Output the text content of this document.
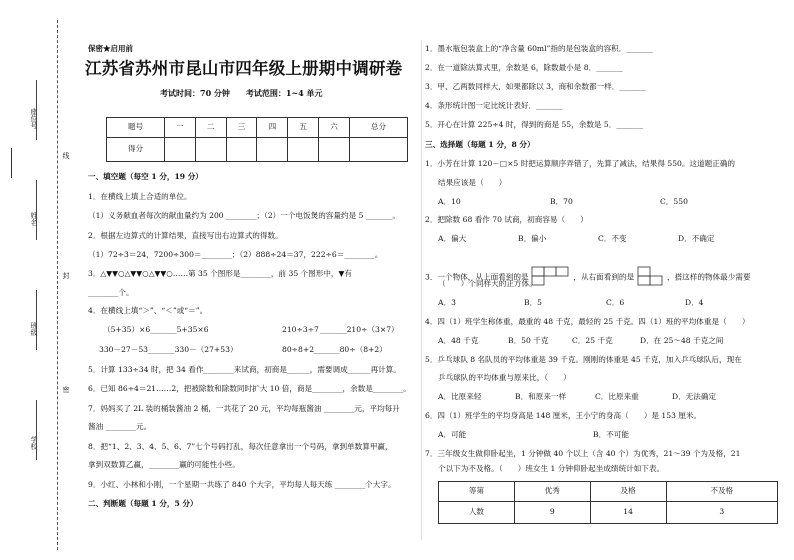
座位号
姓名
班级
学校
线
封
密
保密★启用前
江苏省苏州市昆山市四年级上册期中调研卷
考试时间：70 分钟　　考试范围：1~4 单元
题号	一	二	三	四	五	六	总分
得分							
一、填空题（每空 1 分，19 分）
1．在横线上填上合适的单位。
（1）义务献血者每次的献血量约为 200 ________；（2）一个电饭煲的容量约是 5 _______。
2．根据左边算式的计算结果，直接写出右边算式的得数。
（1）72÷3＝24，7200÷300＝________；（2）888÷24＝37，222÷6＝________。
3．△▼▼○△▼▼○△▼▼○……第 35 个图形是________，前 35 个图形中，▼有
________个。
4．在横线上填“＞”、“＜”或“＝”。
（5+35）×6 _______5+35×6	210÷3÷7 _______210÷（3×7）
330－27－53 _______330－（27+53）	80÷8+2
_______80÷（8+2）
5．计算 133÷34 时，把 34 看作________来试商，初商是______，需要调成______再计算。
6．已知 86÷4＝21……2，把被除数和除数同时扩大 10 倍，商是________，余数是________。
7．妈妈买了 2L 装的桶装酱油 2 桶，一共花了 20 元，平均每瓶酱油 ________元，平均每升
酱油 ________元。
8．把“1、2、3、4、5、6、7”七个号码打乱，每次任意拿出一个号码，拿到单数算甲赢，
拿到双数算乙赢，________赢的可能性小些。
9．小红、小林和小刚，一个星期一共练了 840 个大字，平均每人每天练 ________个大字。
二、判断题（每题 1 分，5 分）
1．墨水瓶包装盒上的“净含量 60ml”指的是包装盒的容积．_______
2．在一道除法算式里，余数是 6，除数最小是 8．_______
3．甲、乙两数同样大，如果都除以 3，商和余数都一样．_______
4．条形统计图一定比统计表好．_______
5．开心在计算 225÷4 时，得到的商是 55，余数是 5．_______
三、选择题（每题 1 分，8 分）
1．小芳在计算 120－□×5 时把运算顺序弄错了，先算了减法，结果得 550。这道题正确的
结果应该是（　　）
A．10	B．70	C．550
2．把除数 68 看作 70 试商，初商容易（　　）
A．偏大	B．偏小	C．不变	D．不确定
3．一个物体，从上面看到的是	，从右面看到的是	，搭这样的物体最少需要
（　　）个同样大的正方体。
A．3	B．5	C．6	D．4
4．四（1）班学生称体重，最重的 48 千克，最轻的 25 千克。四（1）班的平均体重是（　　）
A．48 千克	B．50 千克	C．25 千克	D．在 25～48 千克之间
5．乒乓球队 8 名队员的平均体重是 39 千克。刚刚的体重是 45 千克，加入乒乓球队后，现在
乒乓球队的平均体重与原来比，（　　）
A．比原来轻	B．和原来一样	C．比原来重	D．无法确定
6．四（1）班学生的平均身高是 148 厘米，王小宁的身高（　　）是 153 厘米。
A．可能	B．不可能
7．三年级女生做仰卧起坐，1 分钟做 40 个以上（含 40 个）为优秀，21～39 个为及格，21
个以下为不及格。（　　）班女生 1 分钟仰卧起坐成绩统计如下表。
等第	优秀	及格	不及格
人数	9	14	3
